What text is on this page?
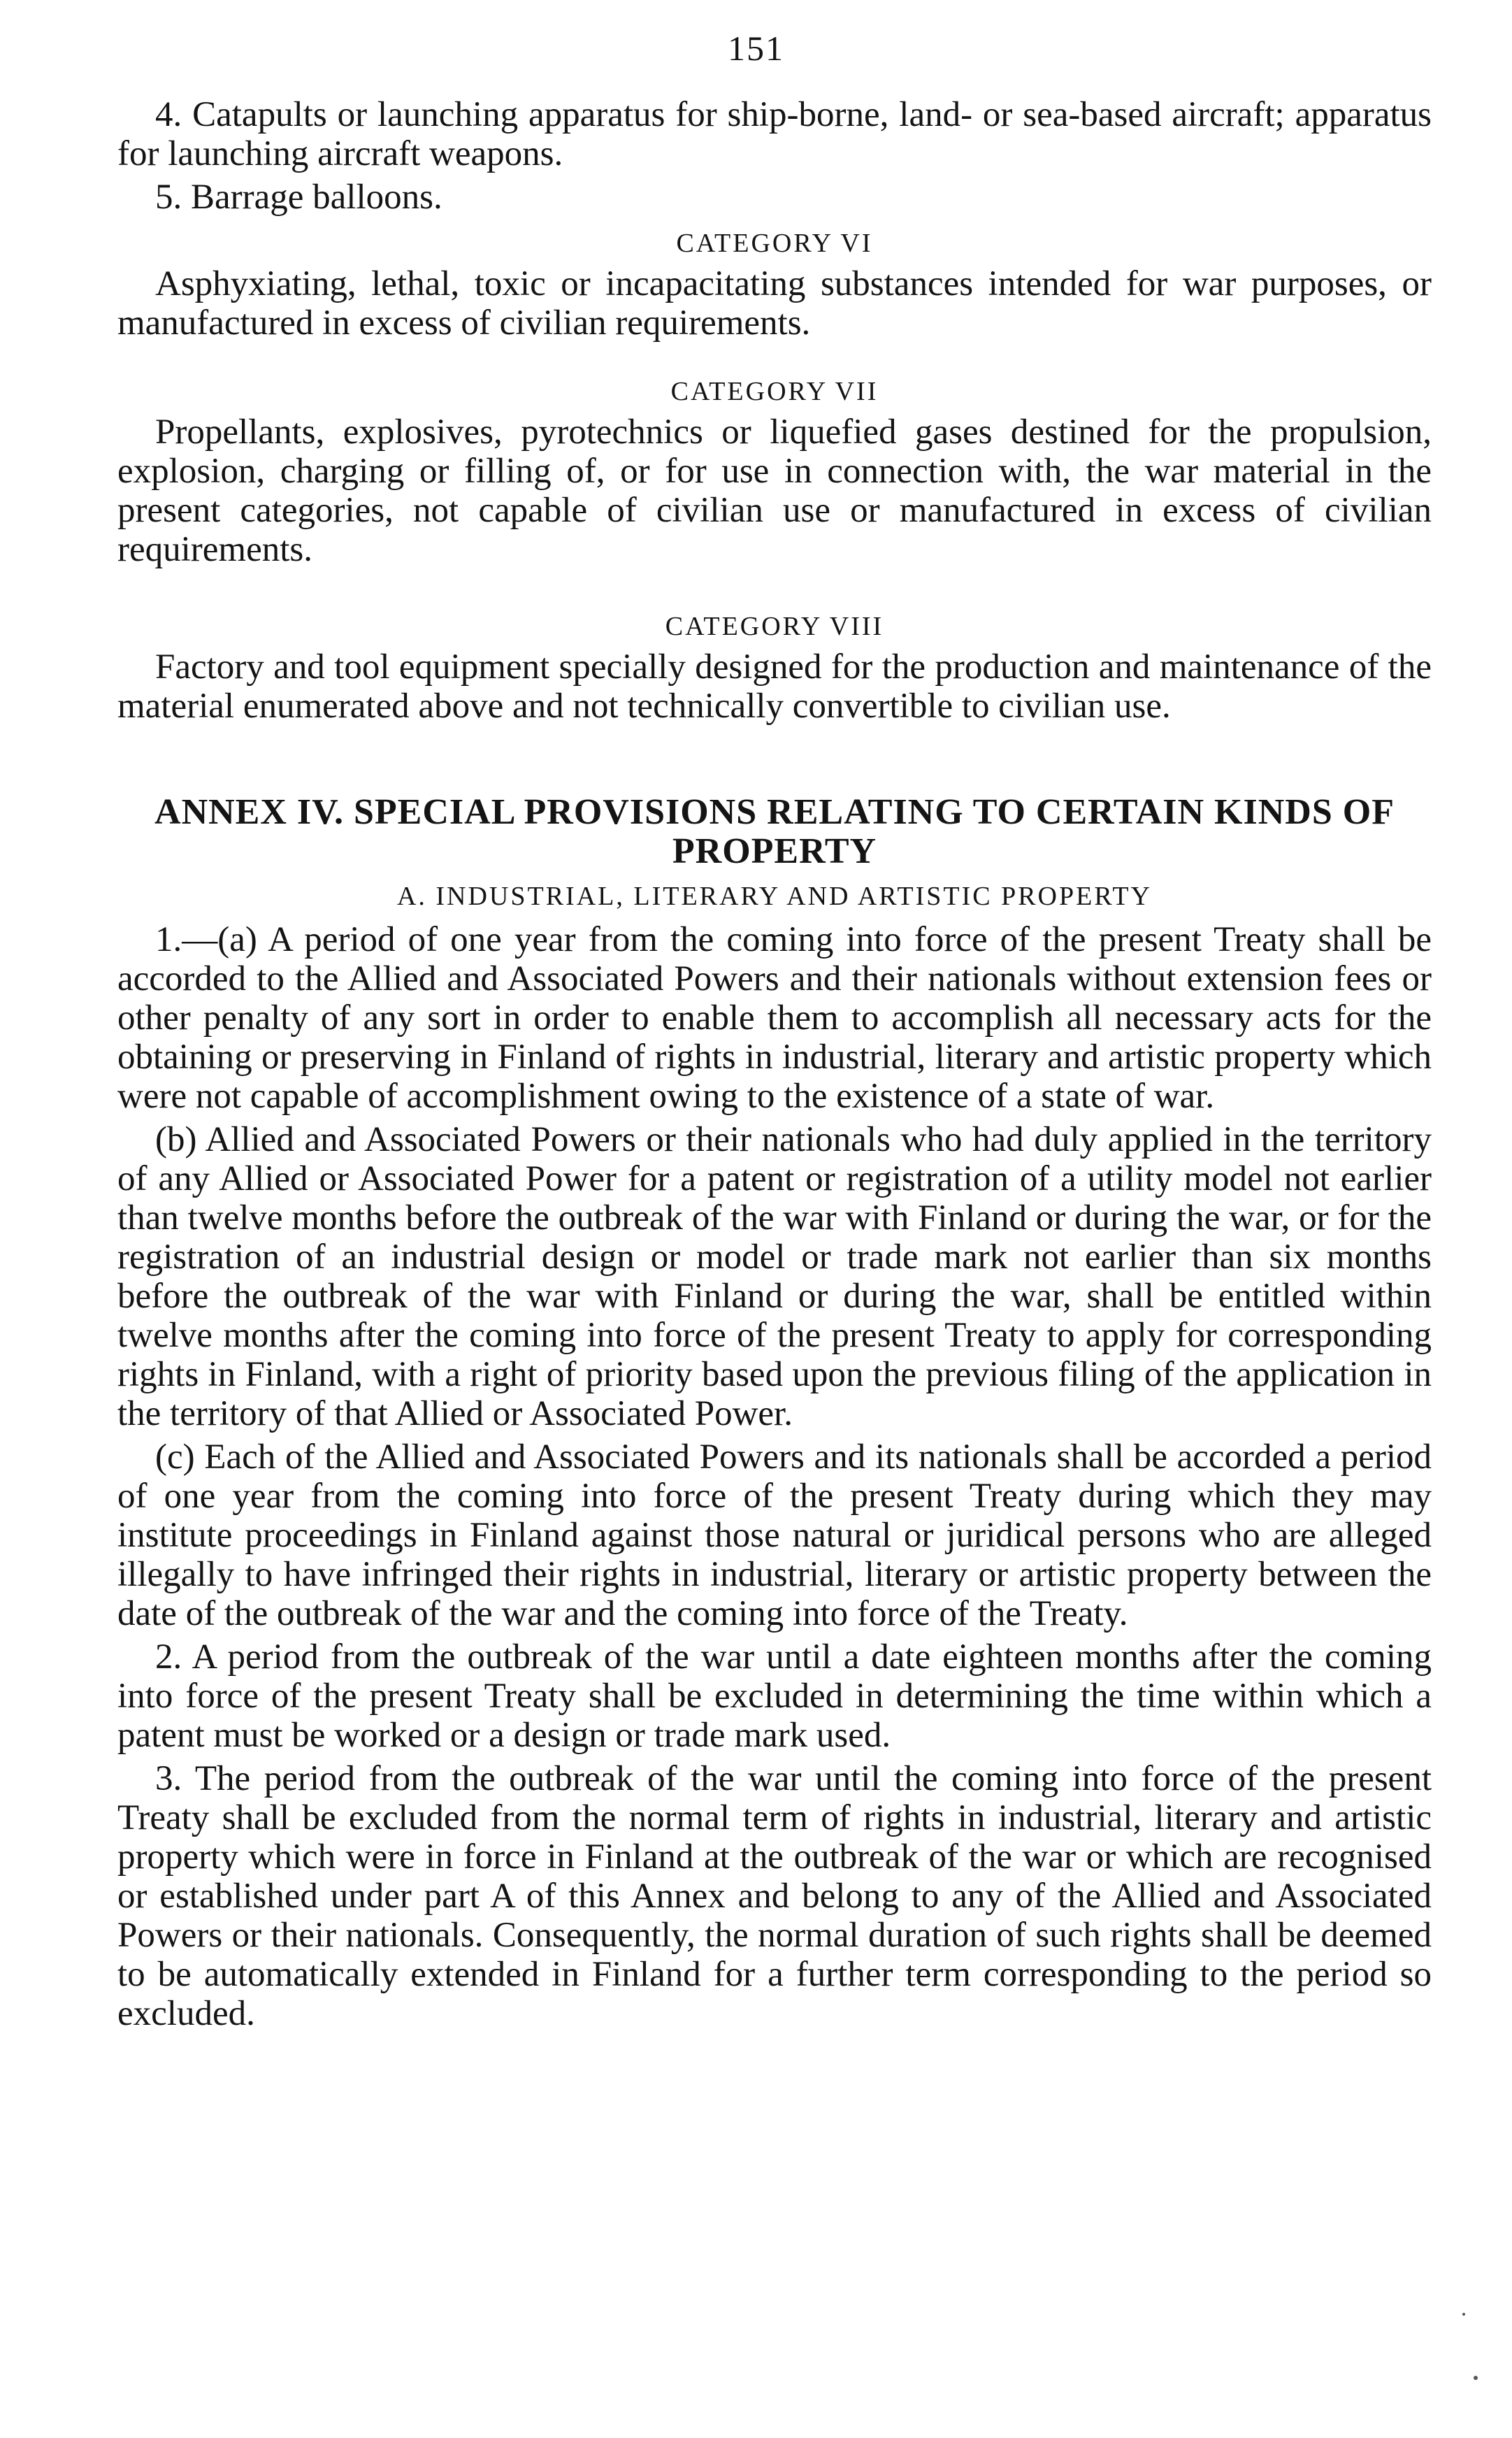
151

4. Catapults or launching apparatus for ship-borne, land- or sea-based aircraft; apparatus for launching aircraft weapons.

5. Barrage balloons.

CATEGORY VI

Asphyxiating, lethal, toxic or incapacitating substances intended for war purposes, or manufactured in excess of civilian requirements.

CATEGORY VII

Propellants, explosives, pyrotechnics or liquefied gases destined for the propulsion, explosion, charging or filling of, or for use in connection with, the war material in the present categories, not capable of civilian use or manufactured in excess of civilian requirements.

CATEGORY VIII

Factory and tool equipment specially designed for the production and maintenance of the material enumerated above and not technically convertible to civilian use.

ANNEX IV. SPECIAL PROVISIONS RELATING TO CERTAIN KINDS OF PROPERTY

A. INDUSTRIAL, LITERARY AND ARTISTIC PROPERTY

1.—(a) A period of one year from the coming into force of the present Treaty shall be accorded to the Allied and Associated Powers and their nationals without extension fees or other penalty of any sort in order to enable them to accomplish all necessary acts for the obtaining or preserving in Finland of rights in industrial, literary and artistic property which were not capable of accomplishment owing to the existence of a state of war.

(b) Allied and Associated Powers or their nationals who had duly applied in the territory of any Allied or Associated Power for a patent or registration of a utility model not earlier than twelve months before the outbreak of the war with Finland or during the war, or for the registration of an industrial design or model or trade mark not earlier than six months before the outbreak of the war with Finland or during the war, shall be entitled within twelve months after the coming into force of the present Treaty to apply for corresponding rights in Finland, with a right of priority based upon the previous filing of the application in the territory of that Allied or Associated Power.

(c) Each of the Allied and Associated Powers and its nationals shall be accorded a period of one year from the coming into force of the present Treaty during which they may institute proceedings in Finland against those natural or juridical persons who are alleged illegally to have infringed their rights in industrial, literary or artistic property between the date of the outbreak of the war and the coming into force of the Treaty.

2. A period from the outbreak of the war until a date eighteen months after the coming into force of the present Treaty shall be excluded in determining the time within which a patent must be worked or a design or trade mark used.

3. The period from the outbreak of the war until the coming into force of the present Treaty shall be excluded from the normal term of rights in industrial, literary and artistic property which were in force in Finland at the outbreak of the war or which are recognised or established under part A of this Annex and belong to any of the Allied and Associated Powers or their nationals. Consequently, the normal duration of such rights shall be deemed to be automatically extended in Finland for a further term corresponding to the period so excluded.
